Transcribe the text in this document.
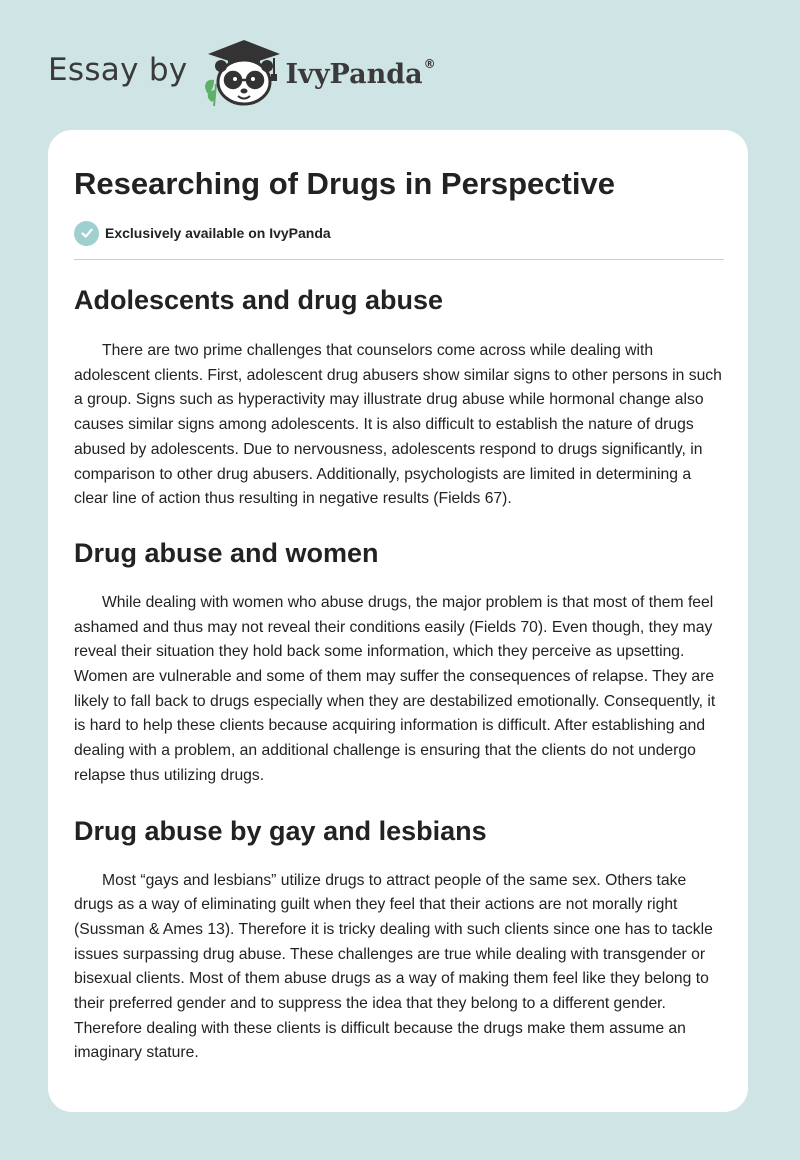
Essay by	IvyPanda ®
Researching of Drugs in Perspective
Exclusively available on IvyPanda
Adolescents and drug abuse

There are two prime challenges that counselors come across while dealing with adolescent clients. First, adolescent drug abusers show similar signs to other persons in such a group. Signs such as hyperactivity may illustrate drug abuse while hormonal change also causes similar signs among adolescents. It is also difficult to establish the nature of drugs abused by adolescents. Due to nervousness, adolescents respond to drugs significantly, in comparison to other drug abusers. Additionally, psychologists are limited in determining a clear line of action thus resulting in negative results (Fields 67).

Drug abuse and women

While dealing with women who abuse drugs, the major problem is that most of them feel ashamed and thus may not reveal their conditions easily (Fields 70). Even though, they may reveal their situation they hold back some information, which they perceive as upsetting. Women are vulnerable and some of them may suffer the consequences of relapse. They are likely to fall back to drugs especially when they are destabilized emotionally. Consequently, it is hard to help these clients because acquiring information is difficult. After establishing and dealing with a problem, an additional challenge is ensuring that the clients do not undergo relapse thus utilizing drugs.

Drug abuse by gay and lesbians

Most “gays and lesbians” utilize drugs to attract people of the same sex. Others take drugs as a way of eliminating guilt when they feel that their actions are not morally right (Sussman & Ames 13). Therefore it is tricky dealing with such clients since one has to tackle issues surpassing drug abuse. These challenges are true while dealing with transgender or bisexual clients. Most of them abuse drugs as a way of making them feel like they belong to their preferred gender and to suppress the idea that they belong to a different gender. Therefore dealing with these clients is difficult because the drugs make them assume an imaginary stature.
